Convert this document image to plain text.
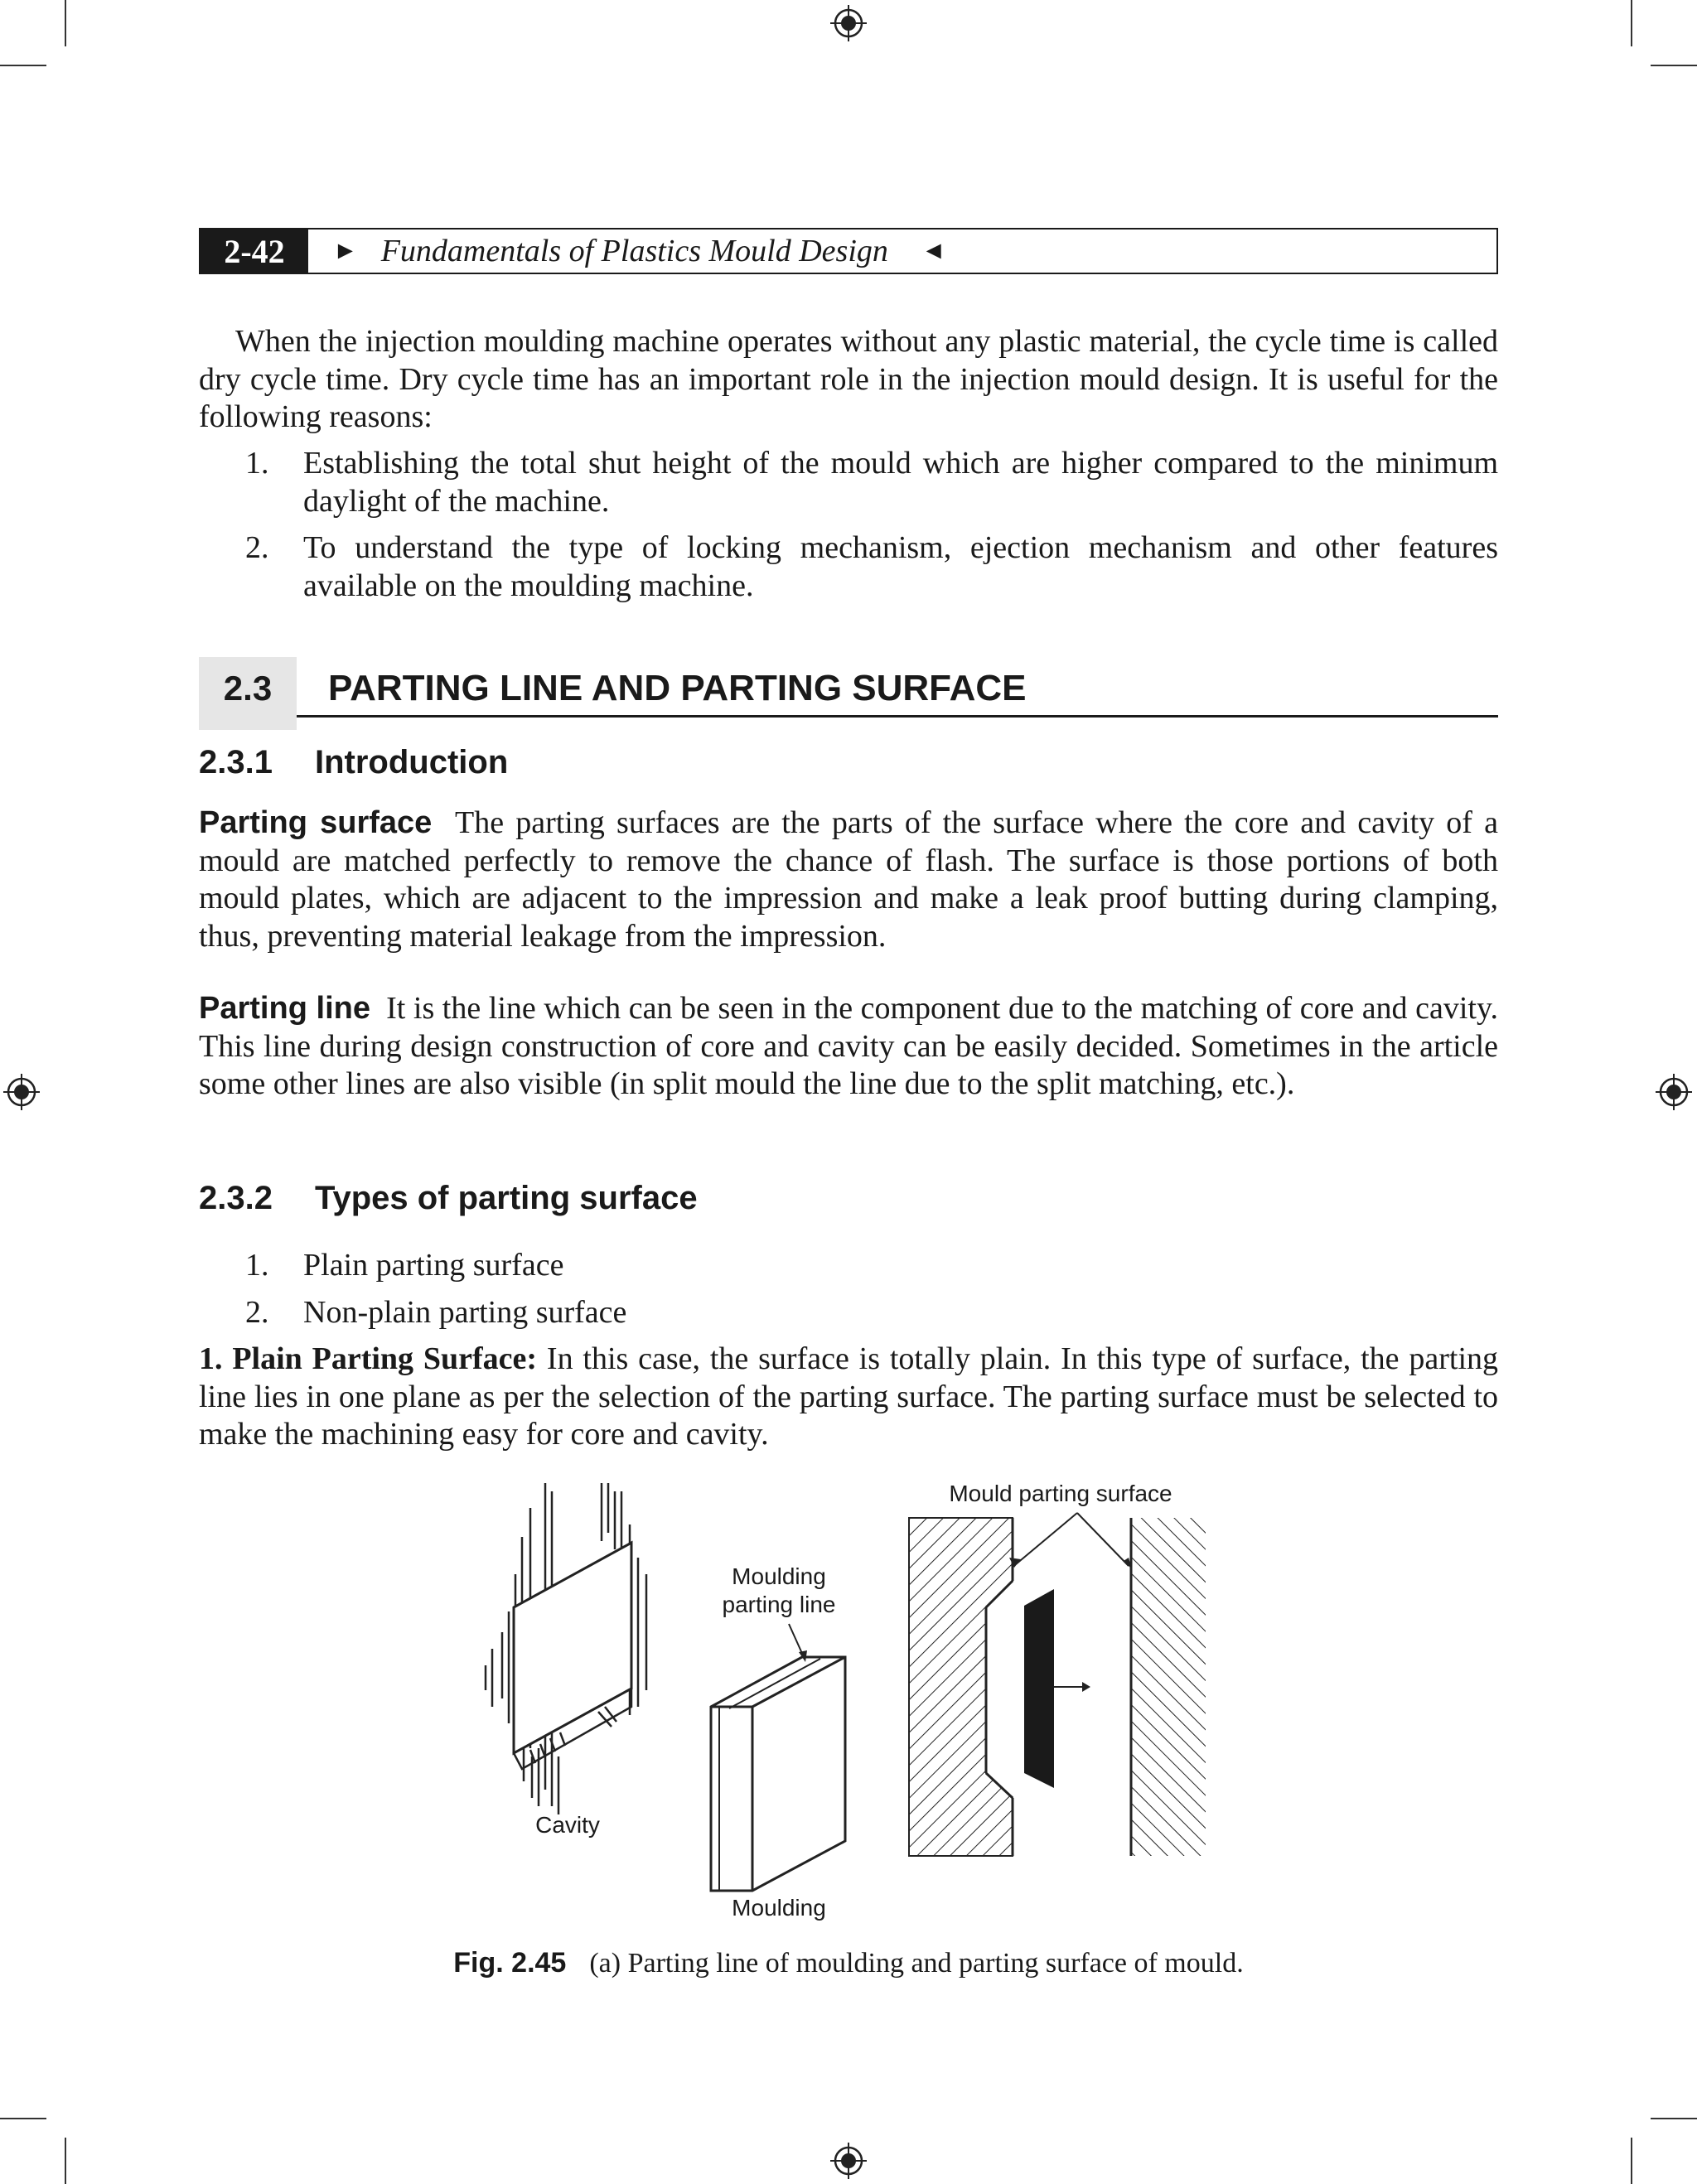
2-42	► Fundamentals of Plastics Mould Design ◄
When the injection moulding machine operates without any plastic material, the cycle time is called dry cycle time. Dry cycle time has an important role in the injection mould design. It is useful for the following reasons:
1. Establishing the total shut height of the mould which are higher compared to the minimum daylight of the machine.
2. To understand the type of locking mechanism, ejection mechanism and other features available on the moulding machine.
2.3	PARTING LINE AND PARTING SURFACE
2.3.1 Introduction
Parting surface The parting surfaces are the parts of the surface where the core and cavity of a mould are matched perfectly to remove the chance of flash. The surface is those portions of both mould plates, which are adjacent to the impression and make a leak proof butting during clamping, thus, preventing material leakage from the impression.
Parting line It is the line which can be seen in the component due to the matching of core and cavity. This line during design construction of core and cavity can be easily decided. Sometimes in the article some other lines are also visible (in split mould the line due to the split matching, etc.).
2.3.2 Types of parting surface
1. Plain parting surface
2. Non-plain parting surface
1. Plain Parting Surface: In this case, the surface is totally plain. In this type of surface, the parting line lies in one plane as per the selection of the parting surface. The parting surface must be selected to make the machining easy for core and cavity.
Mould parting surface
Moulding
parting line
Cavity
Moulding
Fig. 2.45 (a) Parting line of moulding and parting surface of mould.
